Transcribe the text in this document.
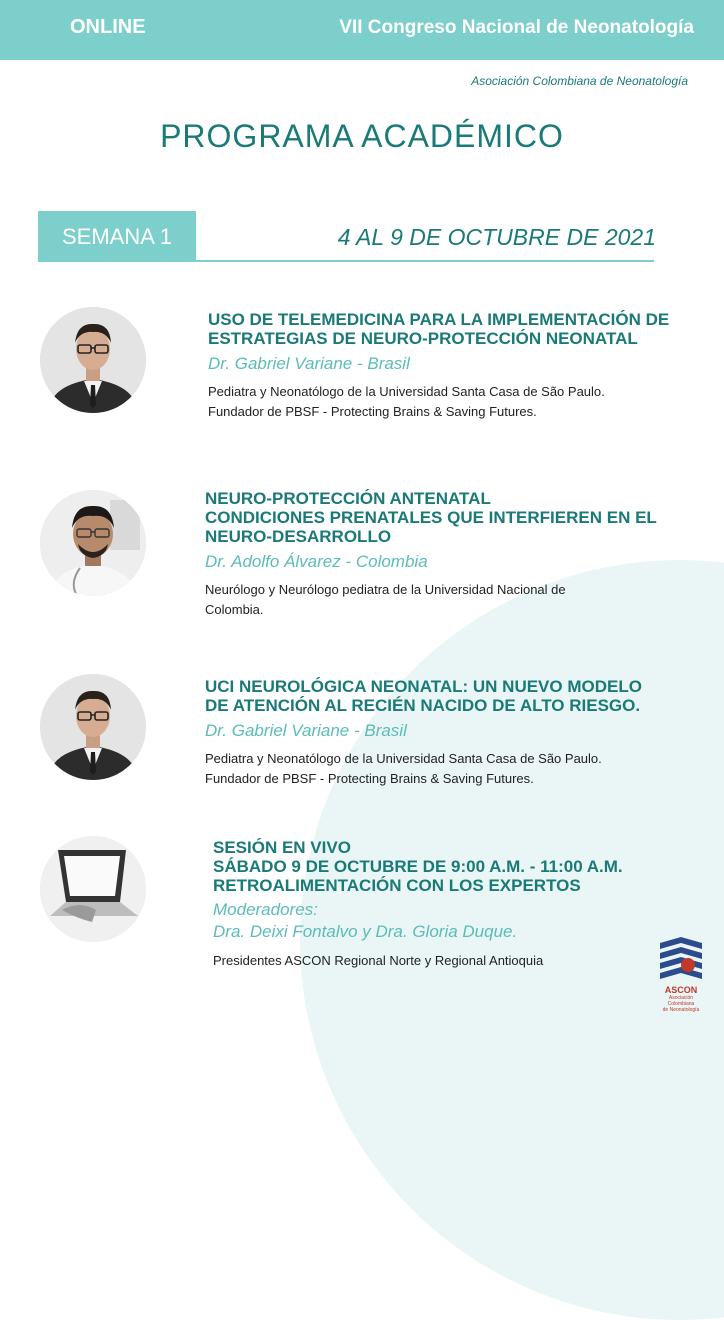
ONLINE	VII Congreso Nacional de Neonatología
Asociación Colombiana de Neonatología
PROGRAMA ACADÉMICO
SEMANA 1	4 AL 9 DE OCTUBRE DE 2021
USO DE TELEMEDICINA PARA LA IMPLEMENTACIÓN DE
ESTRATEGIAS DE NEURO-PROTECCIÓN NEONATAL
Dr. Gabriel Variane - Brasil
Pediatra y Neonatólogo de la Universidad Santa Casa de São Paulo.
Fundador de PBSF - Protecting Brains & Saving Futures.
NEURO-PROTECCIÓN ANTENATAL
CONDICIONES PRENATALES QUE INTERFIEREN EN EL
NEURO-DESARROLLO
Dr. Adolfo Álvarez - Colombia
Neurólogo y Neurólogo pediatra de la Universidad Nacional de
Colombia.
UCI NEUROLÓGICA NEONATAL: UN NUEVO MODELO
DE ATENCIÓN AL RECIÉN NACIDO DE ALTO RIESGO.
Dr. Gabriel Variane - Brasil
Pediatra y Neonatólogo de la Universidad Santa Casa de São Paulo.
Fundador de PBSF - Protecting Brains & Saving Futures.
SESIÓN EN VIVO
SÁBADO 9 DE OCTUBRE DE 9:00 A.M. - 11:00 A.M.
RETROALIMENTACIÓN CON LOS EXPERTOS
Moderadores:
Dra. Deixi Fontalvo y Dra. Gloria Duque.
Presidentes ASCON Regional Norte y Regional Antioquia
ASCON
Asociación Colombiana
de Neonatología
